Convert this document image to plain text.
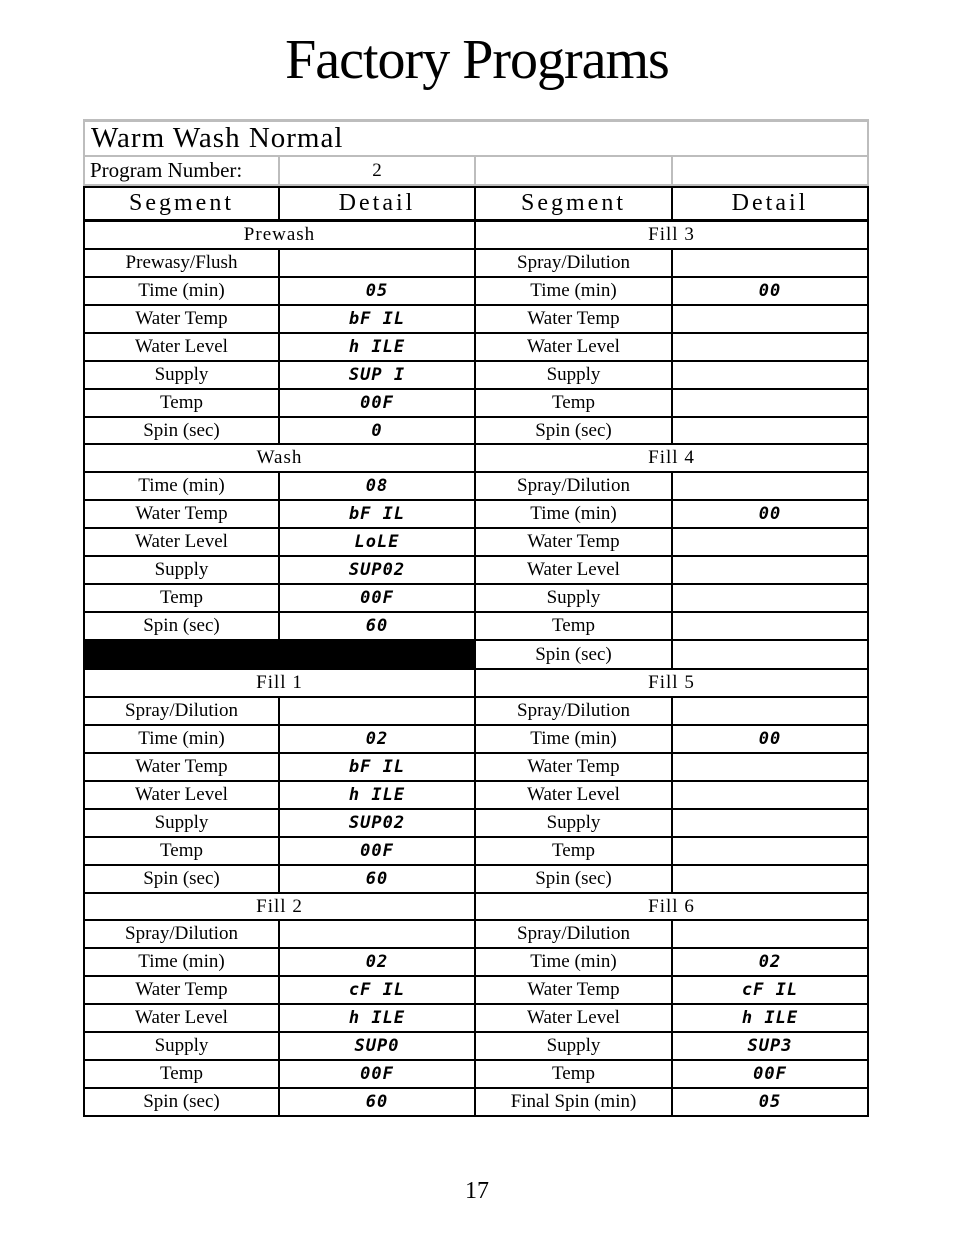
Factory Programs
Warm Wash Normal
Program Number:	2
Segment	Detail	Segment	Detail
Prewash	Fill 3
Prewasy/Flush	Spray/Dilution
Time (min)	05	Time (min)	00
Water Temp	bF IL	Water Temp
Water Level	h ILE	Water Level
Supply	SUP I	Supply
Temp	00F	Temp
Spin (sec)	0	Spin (sec)
Wash	Fill 4
Time (min)	08	Spray/Dilution
Water Temp	bF IL	Time (min)	00
Water Level	LoLE	Water Temp
Supply	SUP02	Water Level
Temp	00F	Supply
Spin (sec)	60	Temp
Spin (sec)
Fill 1	Fill 5
Spray/Dilution	Spray/Dilution
Time (min)	02	Time (min)	00
Water Temp	bF IL	Water Temp
Water Level	h ILE	Water Level
Supply	SUP02	Supply
Temp	00F	Temp
Spin (sec)	60	Spin (sec)
Fill 2	Fill 6
Spray/Dilution	Spray/Dilution
Time (min)	02	Time (min)	02
Water Temp	cF IL	Water Temp	cF IL
Water Level	h ILE	Water Level	h ILE
Supply	SUP0	Supply	SUP3
Temp	00F	Temp	00F
Spin (sec)	60	Final Spin (min)	05
17
